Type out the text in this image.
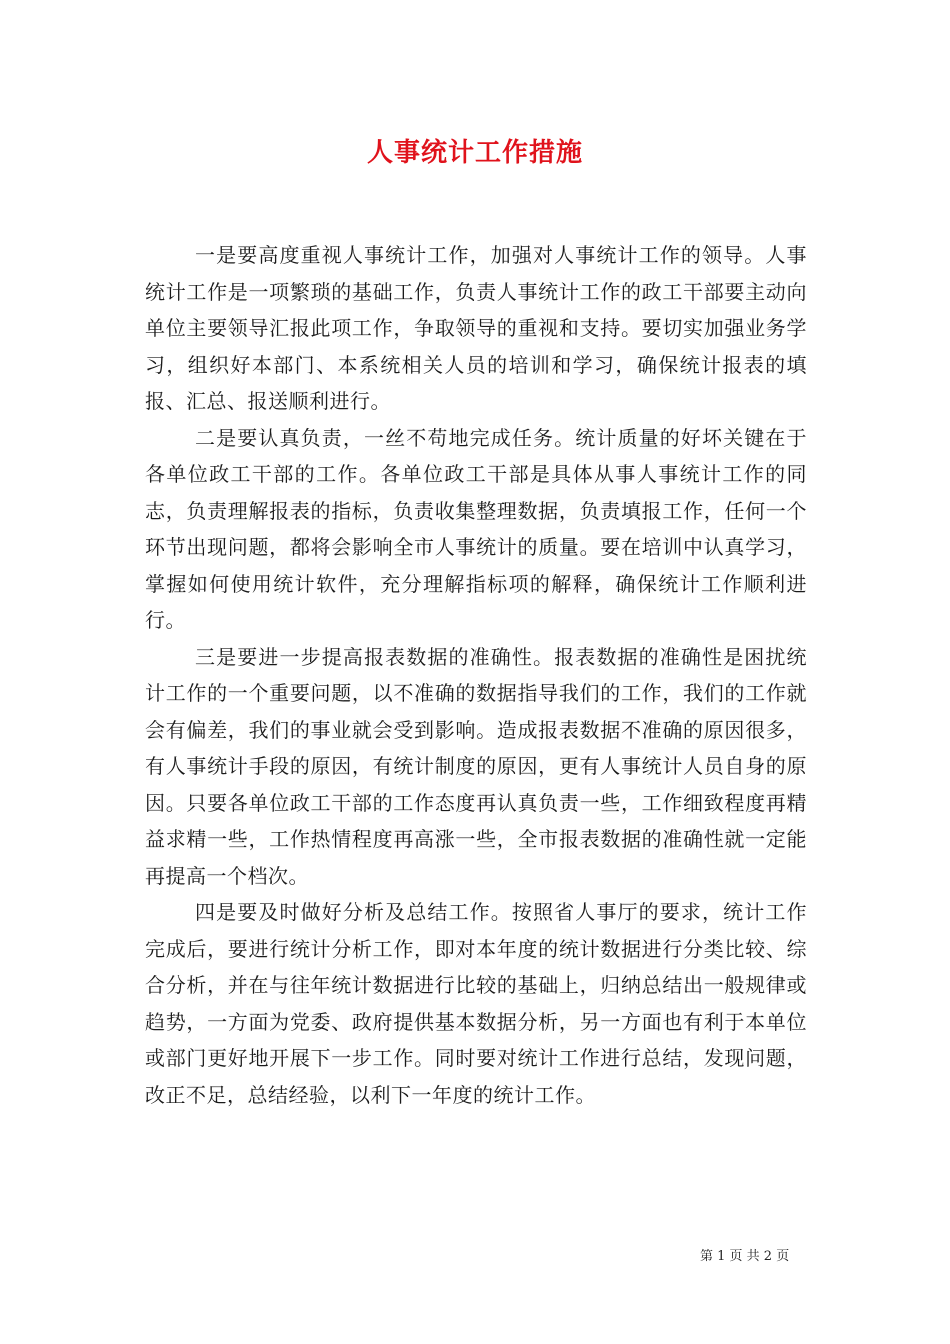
人事统计工作措施

一是要高度重视人事统计工作，加强对人事统计工作的领导。人事统计工作是一项繁琐的基础工作，负责人事统计工作的政工干部要主动向单位主要领导汇报此项工作，争取领导的重视和支持。要切实加强业务学习，组织好本部门、本系统相关人员的培训和学习，确保统计报表的填报、汇总、报送顺利进行。

二是要认真负责，一丝不苟地完成任务。统计质量的好坏关键在于各单位政工干部的工作。各单位政工干部是具体从事人事统计工作的同志，负责理解报表的指标，负责收集整理数据，负责填报工作，任何一个环节出现问题，都将会影响全市人事统计的质量。要在培训中认真学习，掌握如何使用统计软件，充分理解指标项的解释，确保统计工作顺利进行。

三是要进一步提高报表数据的准确性。报表数据的准确性是困扰统计工作的一个重要问题，以不准确的数据指导我们的工作，我们的工作就会有偏差，我们的事业就会受到影响。造成报表数据不准确的原因很多，有人事统计手段的原因，有统计制度的原因，更有人事统计人员自身的原因。只要各单位政工干部的工作态度再认真负责一些，工作细致程度再精益求精一些，工作热情程度再高涨一些，全市报表数据的准确性就一定能再提高一个档次。

四是要及时做好分析及总结工作。按照省人事厅的要求，统计工作完成后，要进行统计分析工作，即对本年度的统计数据进行分类比较、综合分析，并在与往年统计数据进行比较的基础上，归纳总结出一般规律或趋势，一方面为党委、政府提供基本数据分析，另一方面也有利于本单位或部门更好地开展下一步工作。同时要对统计工作进行总结，发现问题，改正不足，总结经验，以利下一年度的统计工作。

第 1 页 共 2 页
